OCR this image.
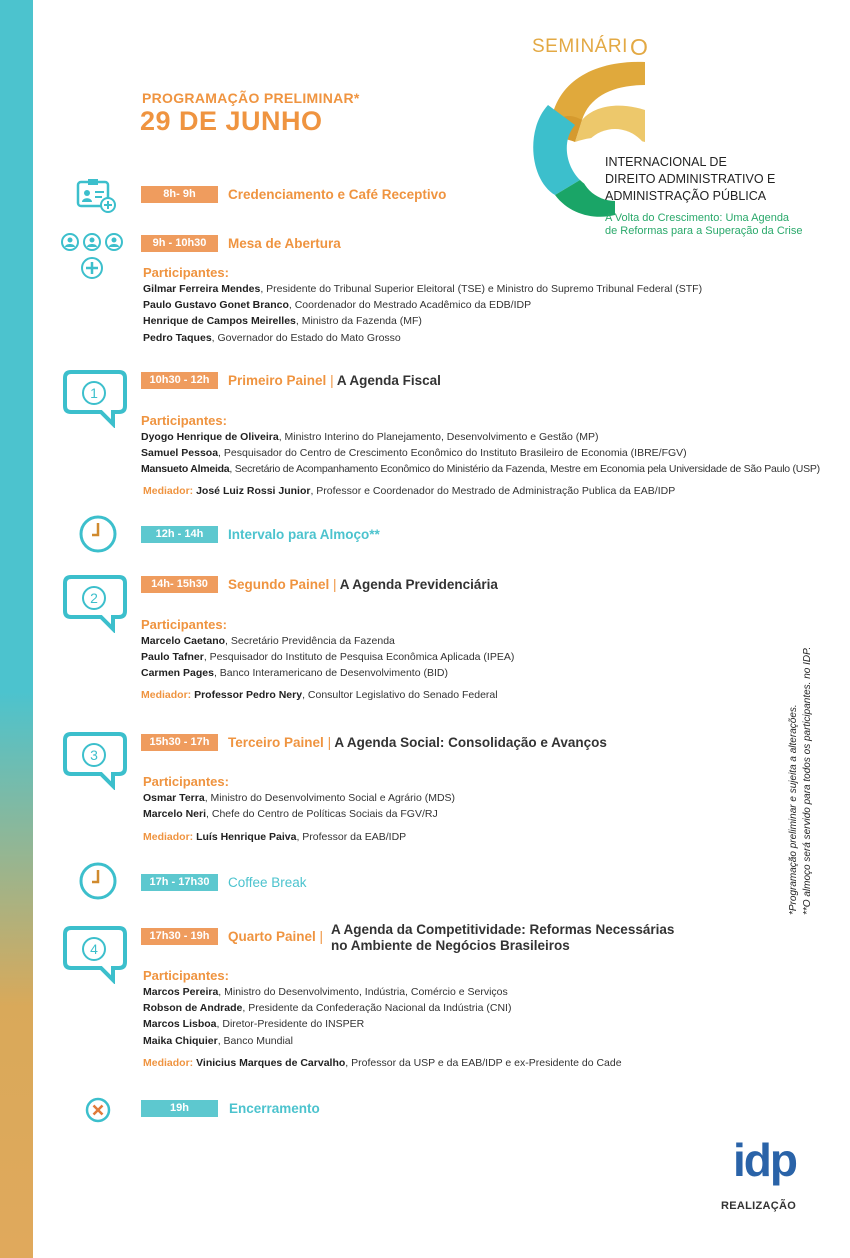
PROGRAMAÇÃO PRELIMINAR*
29 DE JUNHO
SEMINÁRI O
INTERNACIONAL DE
DIREITO ADMINISTRATIVO E
ADMINISTRAÇÃO PÚBLICA
A Volta do Crescimento: Uma Agenda
de Reformas para a Superação da Crise
8h- 9h	Credenciamento e Café Receptivo
9h - 10h30	Mesa de Abertura
Participantes:
Gilmar Ferreira Mendes, Presidente do Tribunal Superior Eleitoral (TSE) e Ministro do Supremo Tribunal Federal (STF)
Paulo Gustavo Gonet Branco, Coordenador do Mestrado Acadêmico da EDB/IDP
Henrique de Campos Meirelles, Ministro da Fazenda (MF)
Pedro Taques, Governador do Estado do Mato Grosso
1
10h30 - 12h	Primeiro Painel | A Agenda Fiscal
Participantes:
Dyogo Henrique de Oliveira, Ministro Interino do Planejamento, Desenvolvimento e Gestão (MP)
Samuel Pessoa, Pesquisador do Centro de Crescimento Econômico do Instituto Brasileiro de Economia (IBRE/FGV)
Mansueto Almeida, Secretário de Acompanhamento Econômico do Ministério da Fazenda, Mestre em Economia pela Universidade de São Paulo (USP)
Mediador: José Luiz Rossi Junior, Professor e Coordenador do Mestrado de Administração Publica da EAB/IDP
12h - 14h	Intervalo para Almoço**
2
14h- 15h30	Segundo Painel | A Agenda Previdenciária
Participantes:
Marcelo Caetano, Secretário Previdência da Fazenda
Paulo Tafner, Pesquisador do Instituto de Pesquisa Econômica Aplicada (IPEA)
Carmen Pages, Banco Interamericano de Desenvolvimento (BID)
Mediador: Professor Pedro Nery, Consultor Legislativo do Senado Federal
3
15h30 - 17h	Terceiro Painel | A Agenda Social: Consolidação e Avanços
Participantes:
Osmar Terra, Ministro do Desenvolvimento Social e Agrário (MDS)
Marcelo Neri, Chefe do Centro de Políticas Sociais da FGV/RJ
Mediador: Luís Henrique Paiva, Professor da EAB/IDP
17h - 17h30	Coffee Break
4
17h30 - 19h	Quarto Painel | A Agenda da Competitividade: Reformas Necessárias
no Ambiente de Negócios Brasileiros
Participantes:
Marcos Pereira, Ministro do Desenvolvimento, Indústria, Comércio e Serviços
Robson de Andrade, Presidente da Confederação Nacional da Indústria (CNI)
Marcos Lisboa, Diretor-Presidente do INSPER
Maika Chiquier, Banco Mundial
Mediador: Vinicius Marques de Carvalho, Professor da USP e da EAB/IDP e ex-Presidente do Cade
19h	Encerramento
*Programação preliminar e sujeita a alterações. **O almoço será servido para todos os participantes. no IDP.
idp
REALIZAÇÃO
